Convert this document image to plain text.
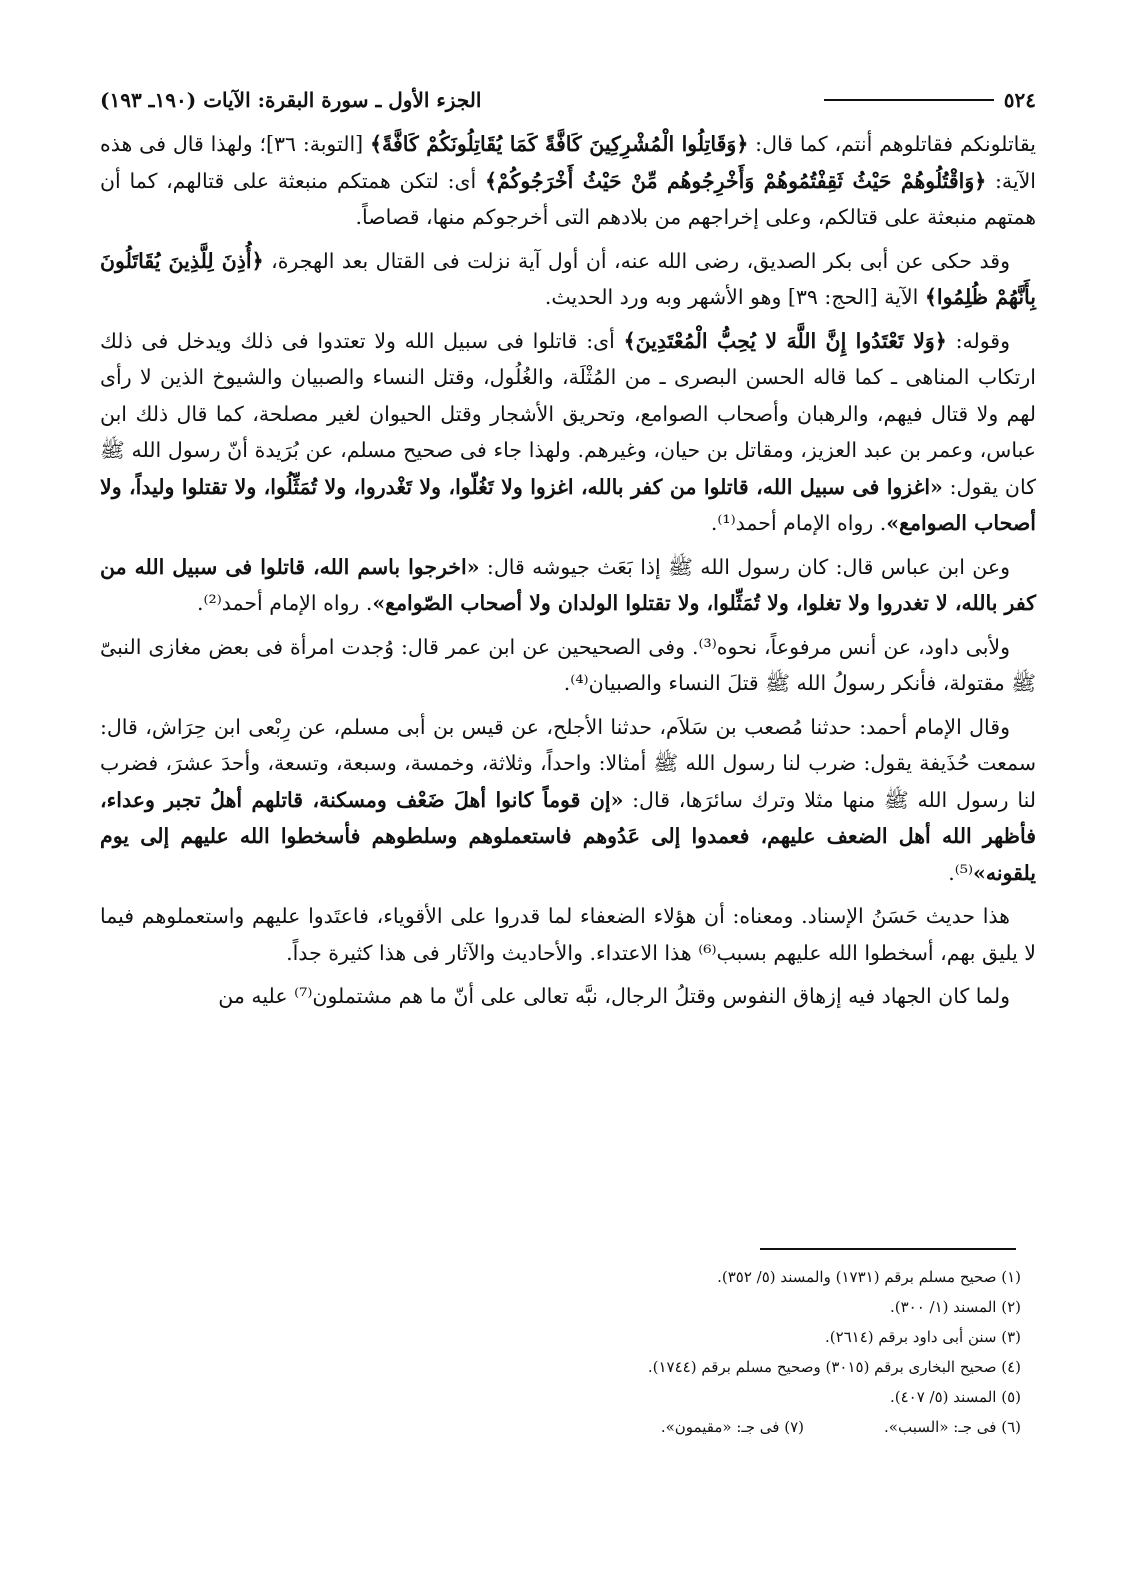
٥٢٤
الجزء الأول ـ سورة البقرة: الآيات (١٩٠ـ ١٩٣)

يقاتلونكم فقاتلوهم أنتم، كما قال: ﴿وَقَاتِلُوا الْمُشْرِكِينَ كَافَّةً كَمَا يُقَاتِلُونَكُمْ كَافَّةً﴾ [التوبة: ٣٦]؛ ولهذا قال فى هذه الآية: ﴿وَاقْتُلُوهُمْ حَيْثُ ثَقِفْتُمُوهُمْ وَأَخْرِجُوهُم مِّنْ حَيْثُ أَخْرَجُوكُمْ﴾ أى: لتكن همتكم منبعثة على قتالهم، كما أن همتهم منبعثة على قتالكم، وعلى إخراجهم من بلادهم التى أخرجوكم منها، قصاصاً.

وقد حكى عن أبى بكر الصديق، رضى الله عنه، أن أول آية نزلت فى القتال بعد الهجرة، ﴿أُذِنَ لِلَّذِينَ يُقَاتَلُونَ بِأَنَّهُمْ ظُلِمُوا﴾ الآية [الحج: ٣٩] وهو الأشهر وبه ورد الحديث.

وقوله: ﴿وَلا تَعْتَدُوا إِنَّ اللَّهَ لا يُحِبُّ الْمُعْتَدِينَ﴾ أى: قاتلوا فى سبيل الله ولا تعتدوا فى ذلك ويدخل فى ذلك ارتكاب المناهى ـ كما قاله الحسن البصرى ـ من المُثْلَة، والغُلُول، وقتل النساء والصبيان والشيوخ الذين لا رأى لهم ولا قتال فيهم، والرهبان وأصحاب الصوامع، وتحريق الأشجار وقتل الحيوان لغير مصلحة، كما قال ذلك ابن عباس، وعمر بن عبد العزيز، ومقاتل بن حيان، وغيرهم. ولهذا جاء فى صحيح مسلم، عن بُرَيدة أنّ رسول الله ﷺ كان يقول: «اغزوا فى سبيل الله، قاتلوا من كفر بالله، اغزوا ولا تَغُلّوا، ولا تَغْدروا، ولا تُمَثِّلُوا، ولا تقتلوا وليداً، ولا أصحاب الصوامع». رواه الإمام أحمد⁽¹⁾.

وعن ابن عباس قال: كان رسول الله ﷺ إذا بَعَث جيوشه قال: «اخرجوا باسم الله، قاتلوا فى سبيل الله من كفر بالله، لا تغدروا ولا تغلوا، ولا تُمَثِّلوا، ولا تقتلوا الولدان ولا أصحاب الصّوامع». رواه الإمام أحمد⁽²⁾.

ولأبى داود، عن أنس مرفوعاً، نحوه⁽³⁾. وفى الصحيحين عن ابن عمر قال: وُجدت امرأة فى بعض مغازى النبىّ ﷺ مقتولة، فأنكر رسولُ الله ﷺ قتلَ النساء والصبيان⁽⁴⁾.

وقال الإمام أحمد: حدثنا مُصعب بن سَلاَم، حدثنا الأجلح، عن قيس بن أبى مسلم، عن رِبْعى ابن حِرَاش، قال: سمعت حُذَيفة يقول: ضرب لنا رسول الله ﷺ أمثالا: واحداً، وثلاثة، وخمسة، وسبعة، وتسعة، وأحدَ عشرَ، فضرب لنا رسول الله ﷺ منها مثلا وترك سائرَها، قال: «إن قوماً كانوا أهلَ ضَعْف ومسكنة، قاتلهم أهلُ تجبر وعداء، فأظهر الله أهل الضعف عليهم، فعمدوا إلى عَدُوهم فاستعملوهم وسلطوهم فأسخطوا الله عليهم إلى يوم يلقونه»⁽⁵⁾.

هذا حديث حَسَنُ الإسناد. ومعناه: أن هؤلاء الضعفاء لما قدروا على الأقوياء، فاعتَدوا عليهم واستعملوهم فيما لا يليق بهم، أسخطوا الله عليهم بسبب⁽⁶⁾ هذا الاعتداء. والأحاديث والآثار فى هذا كثيرة جداً.

ولما كان الجهاد فيه إزهاق النفوس وقتلُ الرجال، نبَّه تعالى على أنّ ما هم مشتملون⁽⁷⁾ عليه من

(١) صحيح مسلم برقم (١٧٣١) والمسند (٥/ ٣٥٢).

(٢) المسند (١/ ٣٠٠).

(٣) سنن أبى داود برقم (٢٦١٤).

(٤) صحيح البخارى برقم (٣٠١٥) وصحيح مسلم برقم (١٧٤٤).

(٥) المسند (٥/ ٤٠٧).

(٦) فى جـ: «السبب».
(٧) فى جـ: «مقيمون».
